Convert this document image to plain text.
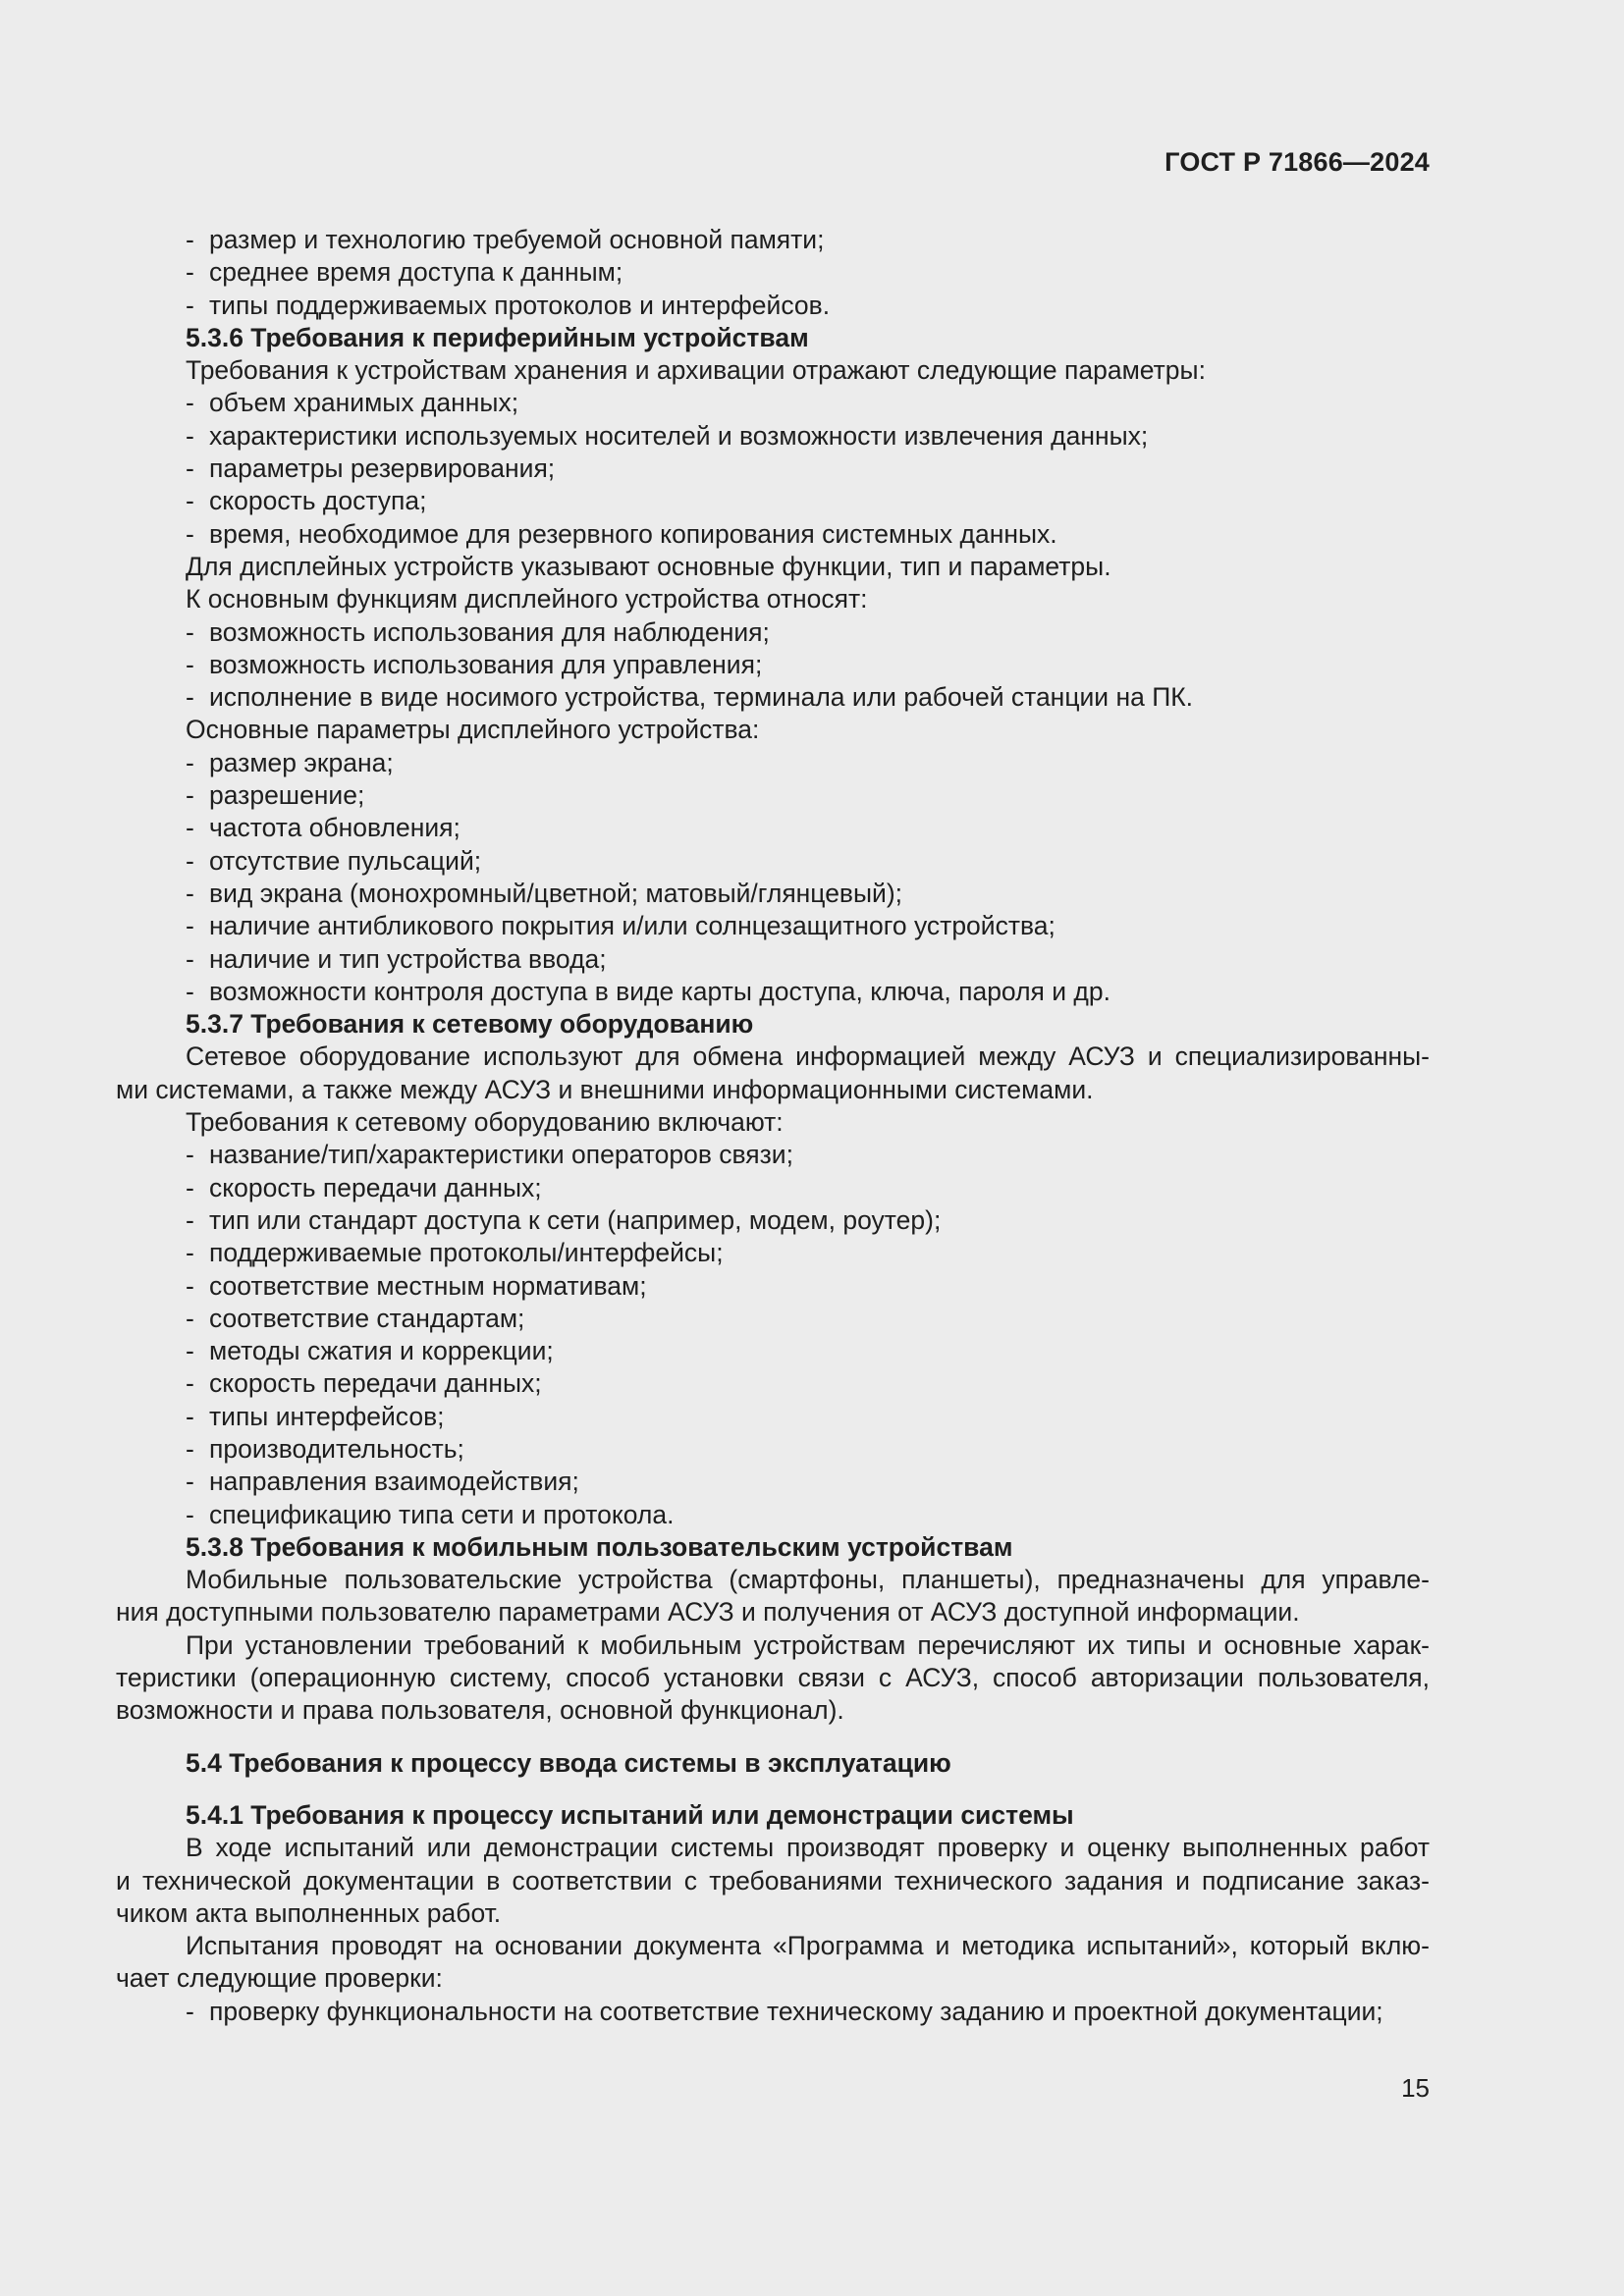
ГОСТ Р 71866—2024
- размер и технологию требуемой основной памяти;
- среднее время доступа к данным;
- типы поддерживаемых протоколов и интерфейсов.
5.3.6 Требования к периферийным устройствам
Требования к устройствам хранения и архивации отражают следующие параметры:
- объем хранимых данных;
- характеристики используемых носителей и возможности извлечения данных;
- параметры резервирования;
- скорость доступа;
- время, необходимое для резервного копирования системных данных.
Для дисплейных устройств указывают основные функции, тип и параметры.
К основным функциям дисплейного устройства относят:
- возможность использования для наблюдения;
- возможность использования для управления;
- исполнение в виде носимого устройства, терминала или рабочей станции на ПК.
Основные параметры дисплейного устройства:
- размер экрана;
- разрешение;
- частота обновления;
- отсутствие пульсаций;
- вид экрана (монохромный/цветной; матовый/глянцевый);
- наличие антибликового покрытия и/или солнцезащитного устройства;
- наличие и тип устройства ввода;
- возможности контроля доступа в виде карты доступа, ключа, пароля и др.
5.3.7 Требования к сетевому оборудованию
Сетевое оборудование используют для обмена информацией между АСУЗ и специализированны-
ми системами, а также между АСУЗ и внешними информационными системами.
Требования к сетевому оборудованию включают:
- название/тип/характеристики операторов связи;
- скорость передачи данных;
- тип или стандарт доступа к сети (например, модем, роутер);
- поддерживаемые протоколы/интерфейсы;
- соответствие местным нормативам;
- соответствие стандартам;
- методы сжатия и коррекции;
- скорость передачи данных;
- типы интерфейсов;
- производительность;
- направления взаимодействия;
- спецификацию типа сети и протокола.
5.3.8 Требования к мобильным пользовательским устройствам
Мобильные пользовательские устройства (смартфоны, планшеты), предназначены для управле-
ния доступными пользователю параметрами АСУЗ и получения от АСУЗ доступной информации.
При установлении требований к мобильным устройствам перечисляют их типы и основные харак-
теристики (операционную систему, способ установки связи с АСУЗ, способ авторизации пользователя,
возможности и права пользователя, основной функционал).
5.4 Требования к процессу ввода системы в эксплуатацию
5.4.1 Требования к процессу испытаний или демонстрации системы
В ходе испытаний или демонстрации системы производят проверку и оценку выполненных работ
и технической документации в соответствии с требованиями технического задания и подписание заказ-
чиком акта выполненных работ.
Испытания проводят на основании документа «Программа и методика испытаний», который вклю-
чает следующие проверки:
- проверку функциональности на соответствие техническому заданию и проектной документации;
15
